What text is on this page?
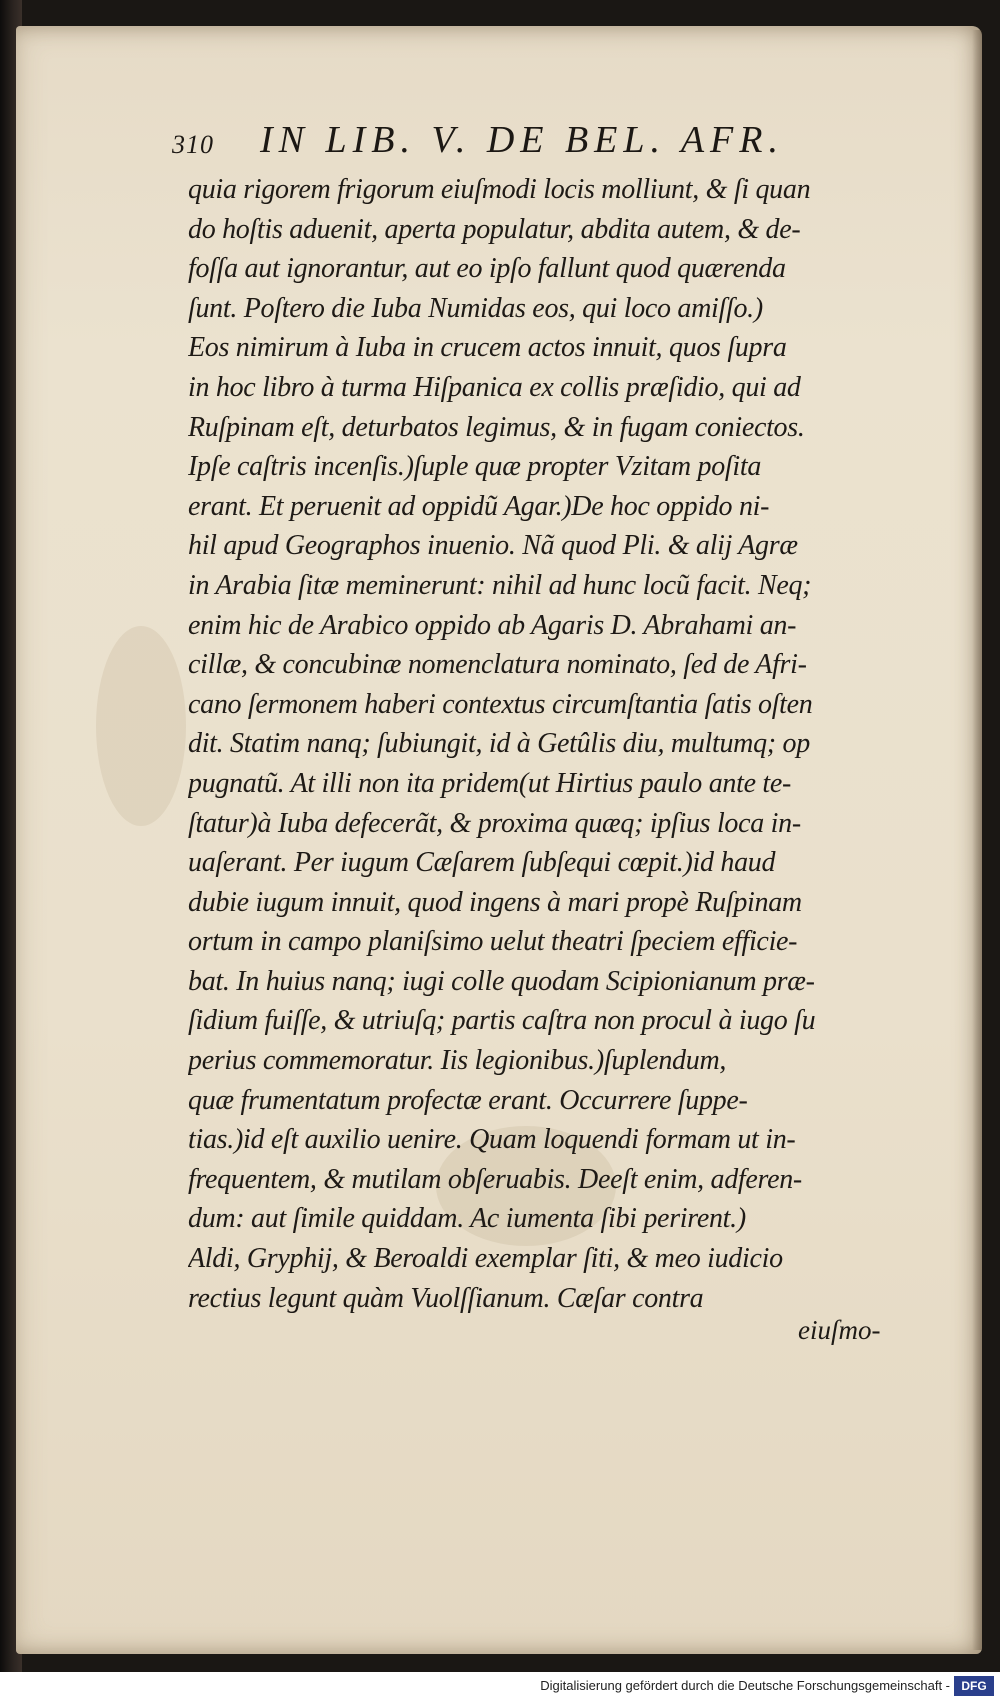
310 IN LIB. V. DE BEL. AFR.
quia rigorem frigorum eiuſmodi locis molliunt, & ſi quan
do hoſtis aduenit, aperta populatur, abdita autem, & de-
foſſa aut ignorantur, aut eo ipſo fallunt quod quærenda
ſunt. Poſtero die Iuba Numidas eos, qui loco amiſſo.)
Eos nimirum à Iuba in crucem actos innuit, quos ſupra
in hoc libro à turma Hiſpanica ex collis præſidio, qui ad
Ruſpinam eſt, deturbatos legimus, & in fugam coniectos.
Ipſe caſtris incenſis.)ſuple quæ propter Vzitam poſita
erant. Et peruenit ad oppidũ Agar.)De hoc oppido ni-
hil apud Geographos inuenio. Nã quod Pli. & alij Agræ
in Arabia ſitæ meminerunt: nihil ad hunc locũ facit. Neq;
enim hic de Arabico oppido ab Agaris D. Abrahami an-
cillæ, & concubinæ nomenclatura nominato, ſed de Afri-
cano ſermonem haberi contextus circumſtantia ſatis oſten
dit. Statim nanq; ſubiungit, id à Getûlis diu, multumq; op
pugnatũ. At illi non ita pridem(ut Hirtius paulo ante te-
ſtatur)à Iuba defecerãt, & proxima quæq; ipſius loca in-
uaſerant. Per iugum Cæſarem ſubſequi cœpit.)id haud
dubie iugum innuit, quod ingens à mari propè Ruſpinam
ortum in campo planiſsimo uelut theatri ſpeciem efficie-
bat. In huius nanq; iugi colle quodam Scipionianum præ-
ſidium fuiſſe, & utriuſq; partis caſtra non procul à iugo ſu
perius commemoratur. Iis legionibus.)ſuplendum,
quæ frumentatum profectæ erant. Occurrere ſuppe-
tias.)id eſt auxilio uenire. Quam loquendi formam ut in-
frequentem, & mutilam obſeruabis. Deeſt enim, adferen-
dum: aut ſimile quiddam. Ac iumenta ſibi perirent.)
Aldi, Gryphij, & Beroaldi exemplar ſiti, & meo iudicio
rectius legunt quàm Vuolſſianum. Cæſar contra
eiuſmo-
Digitalisierung gefördert durch die Deutsche Forschungsgemeinschaft - DFG
